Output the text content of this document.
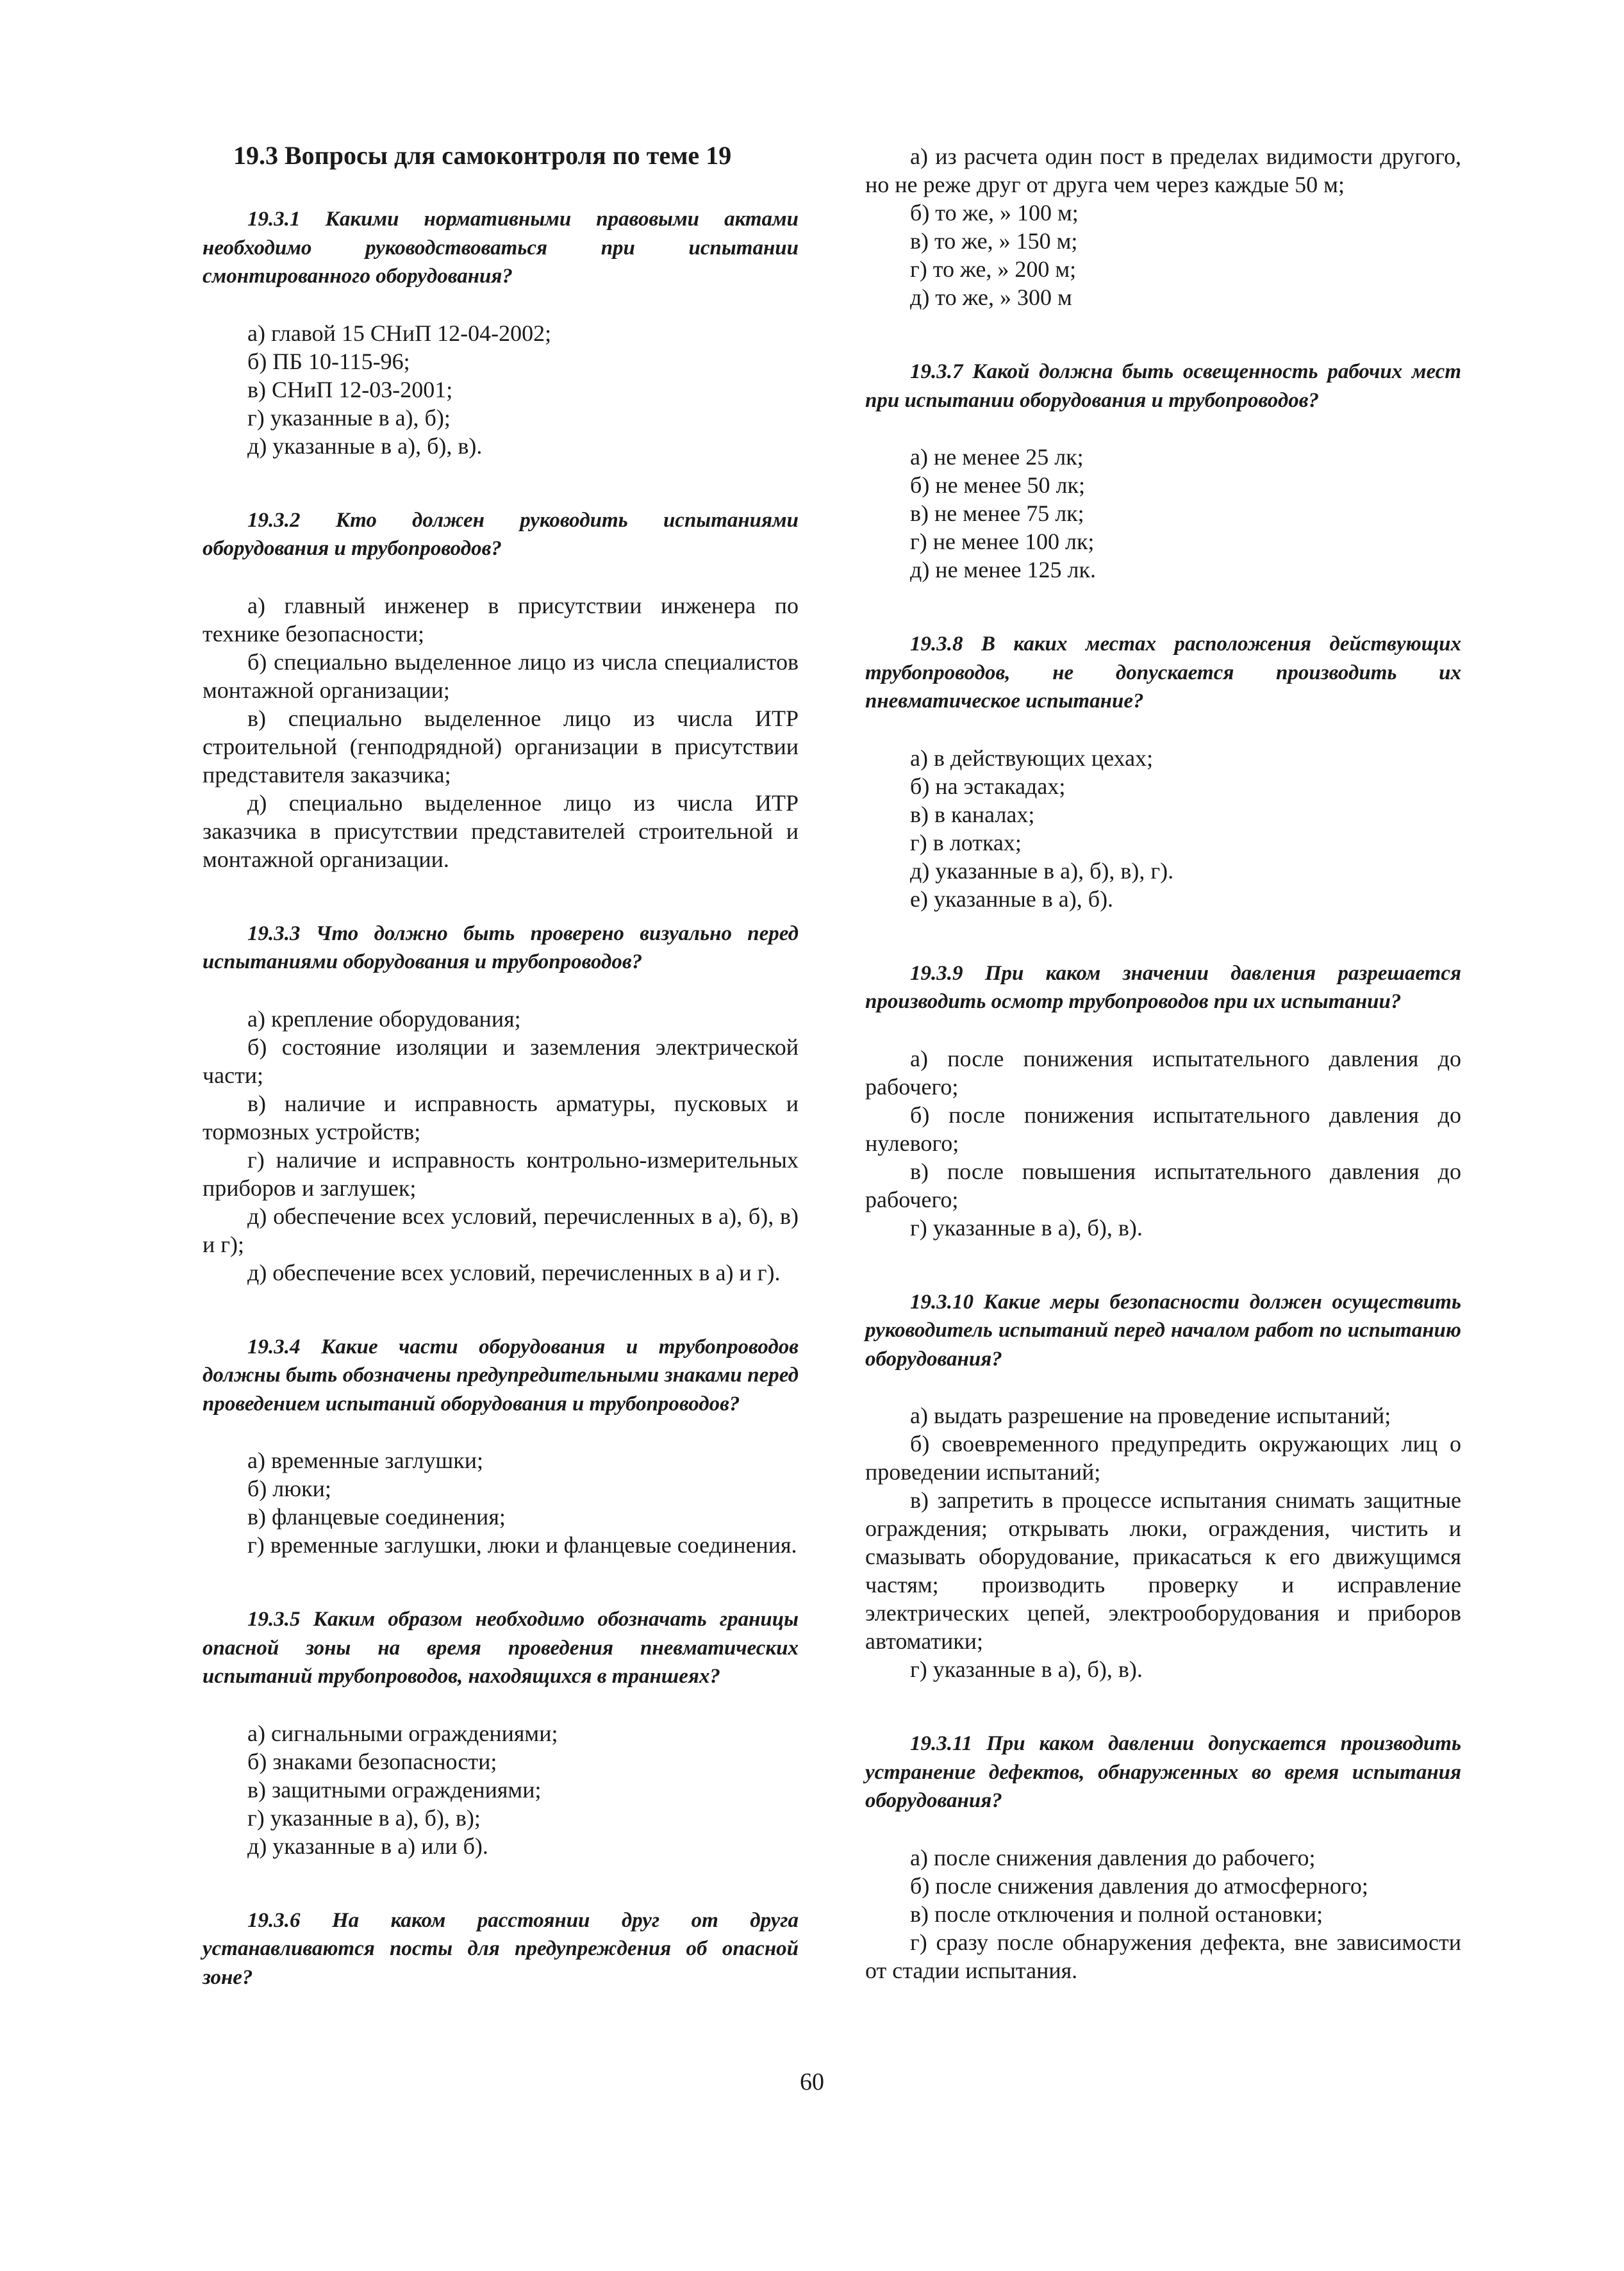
19.3 Вопросы для самоконтроля по теме 19
19.3.1 Какими нормативными правовыми актами необходимо руководствоваться при испытании смонтированного оборудования?

а) главой 15 СНиП 12-04-2002;

б) ПБ 10-115-96;

в) СНиП 12-03-2001;

г) указанные в а), б);

д) указанные в а), б), в).

19.3.2 Кто должен руководить испытаниями оборудования и трубопроводов?

а) главный инженер в присутствии инженера по технике безопасности;

б) специально выделенное лицо из числа специалистов монтажной организации;

в) специально выделенное лицо из числа ИТР строительной (генподрядной) организации в присутствии представителя заказчика;

д) специально выделенное лицо из числа ИТР заказчика в присутствии представителей строительной и монтажной организации.

19.3.3 Что должно быть проверено визуально перед испытаниями оборудования и трубопроводов?

а) крепление оборудования;

б) состояние изоляции и заземления электрической части;

в) наличие и исправность арматуры, пусковых и тормозных устройств;

г) наличие и исправность контрольно-измерительных приборов и заглушек;

д) обеспечение всех условий, перечисленных в а), б), в) и г);

д) обеспечение всех условий, перечисленных в а) и г).

19.3.4 Какие части оборудования и трубопроводов должны быть обозначены предупредительными знаками перед проведением испытаний оборудования и трубопроводов?

а) временные заглушки;

б) люки;

в) фланцевые соединения;

г) временные заглушки, люки и фланцевые соединения.

19.3.5 Каким образом необходимо обозначать границы опасной зоны на время проведения пневматических испытаний трубопроводов, находящихся в траншеях?

а) сигнальными ограждениями;

б) знаками безопасности;

в) защитными ограждениями;

г) указанные в а), б), в);

д) указанные в а) или б).

19.3.6 На каком расстоянии друг от друга устанавливаются посты для предупреждения об опасной зоне?

а) из расчета один пост в пределах видимости другого, но не реже друг от друга чем через каждые 50 м;

б) то же, » 100 м;

в) то же, » 150 м;

г) то же, » 200 м;

д) то же, » 300 м

19.3.7 Какой должна быть освещенность рабочих мест при испытании оборудования и трубопроводов?

а) не менее 25 лк;

б) не менее 50 лк;

в) не менее 75 лк;

г) не менее 100 лк;

д) не менее 125 лк.

19.3.8 В каких местах расположения действующих трубопроводов, не допускается производить их пневматическое испытание?

а) в действующих цехах;

б) на эстакадах;

в) в каналах;

г) в лотках;

д) указанные в а), б), в), г).

е) указанные в а), б).

19.3.9 При каком значении давления разрешается производить осмотр трубопроводов при их испытании?

а) после понижения испытательного давления до рабочего;

б) после понижения испытательного давления до нулевого;

в) после повышения испытательного давления до рабочего;

г) указанные в а), б), в).

19.3.10 Какие меры безопасности должен осуществить руководитель испытаний перед началом работ по испытанию оборудования?

а) выдать разрешение на проведение испытаний;

б) своевременного предупредить окружающих лиц о проведении испытаний;

в) запретить в процессе испытания снимать защитные ограждения; открывать люки, ограждения, чистить и смазывать оборудование, прикасаться к его движущимся частям; производить проверку и исправление электрических цепей, электрооборудования и приборов автоматики;

г) указанные в а), б), в).

19.3.11 При каком давлении допускается производить устранение дефектов, обнаруженных во время испытания оборудования?

а) после снижения давления до рабочего;

б) после снижения давления до атмосферного;

в) после отключения и полной остановки;

г) сразу после обнаружения дефекта, вне зависимости от стадии испытания.

60
